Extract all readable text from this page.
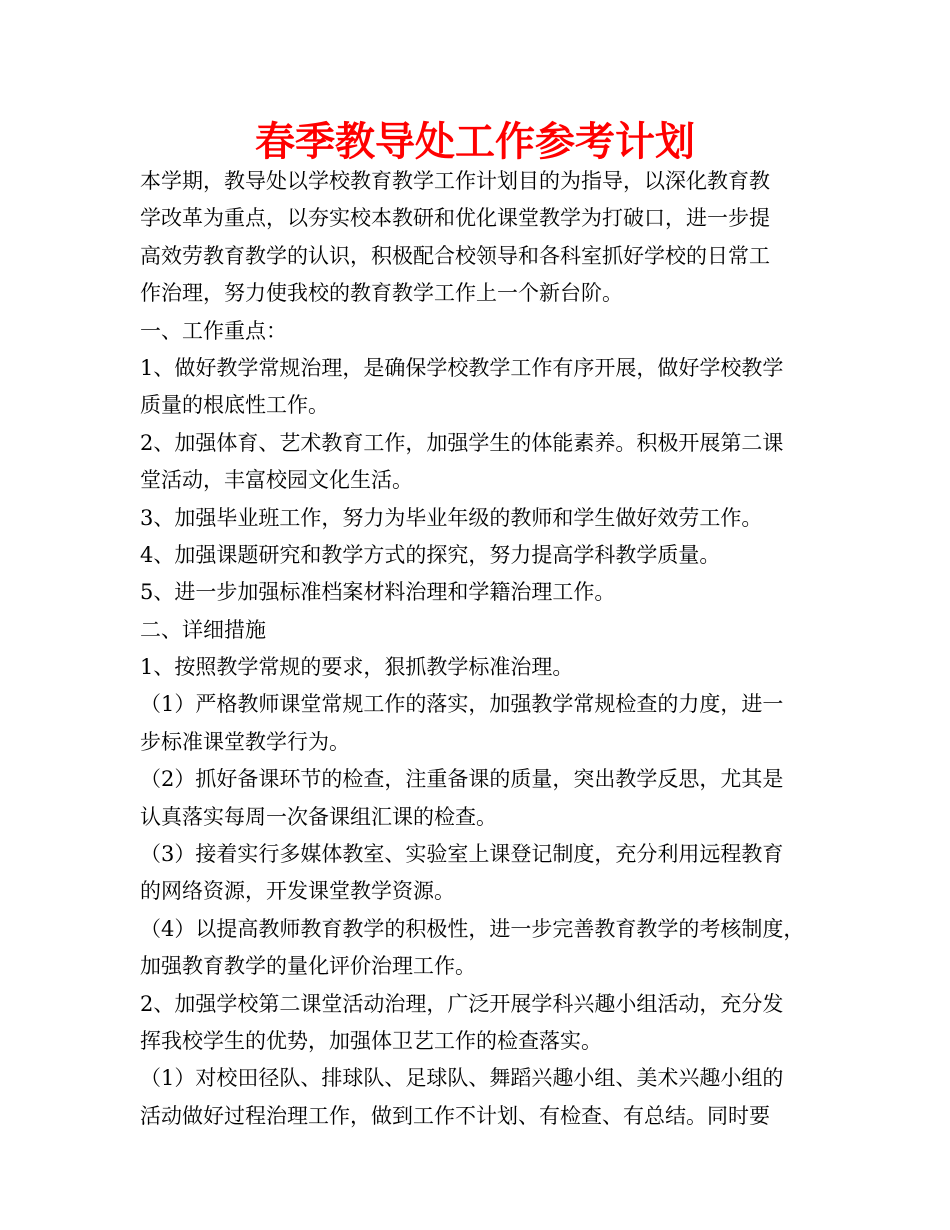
春季教导处工作参考计划
本学期，教导处以学校教育教学工作计划目的为指导，以深化教育教
学改革为重点，以夯实校本教研和优化课堂教学为打破口，进一步提
高效劳教育教学的认识，积极配合校领导和各科室抓好学校的日常工
作治理，努力使我校的教育教学工作上一个新台阶。
一、工作重点：
1、做好教学常规治理，是确保学校教学工作有序开展，做好学校教学
质量的根底性工作。
2、加强体育、艺术教育工作，加强学生的体能素养。积极开展第二课
堂活动，丰富校园文化生活。
3、加强毕业班工作，努力为毕业年级的教师和学生做好效劳工作。
4、加强课题研究和教学方式的探究，努力提高学科教学质量。
5、进一步加强标准档案材料治理和学籍治理工作。
二、详细措施
1、按照教学常规的要求，狠抓教学标准治理。
（1）严格教师课堂常规工作的落实，加强教学常规检查的力度，进一
步标准课堂教学行为。
（2）抓好备课环节的检查，注重备课的质量，突出教学反思，尤其是
认真落实每周一次备课组汇课的检查。
（3）接着实行多媒体教室、实验室上课登记制度，充分利用远程教育
的网络资源，开发课堂教学资源。
（4）以提高教师教育教学的积极性，进一步完善教育教学的考核制度，
加强教育教学的量化评价治理工作。
2、加强学校第二课堂活动治理，广泛开展学科兴趣小组活动，充分发
挥我校学生的优势，加强体卫艺工作的检查落实。
（1）对校田径队、排球队、足球队、舞蹈兴趣小组、美术兴趣小组的
活动做好过程治理工作，做到工作不计划、有检查、有总结。同时要
